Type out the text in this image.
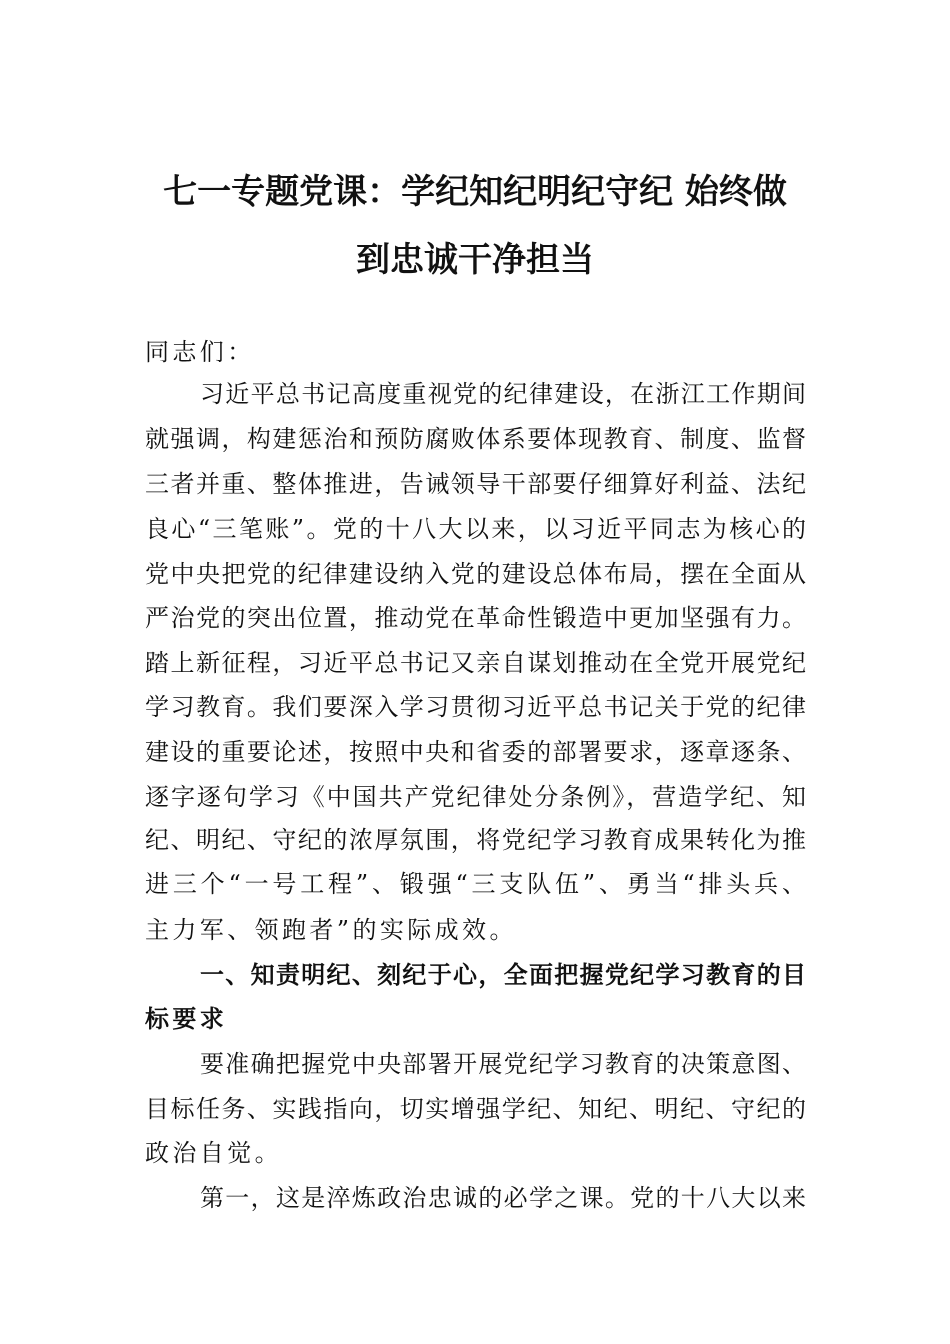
七一专题党课：学纪知纪明纪守纪 始终做
到忠诚干净担当
同志们：
习近平总书记高度重视党的纪律建设，在浙江工作期间
就强调，构建惩治和预防腐败体系要体现教育、制度、监督
三者并重、整体推进，告诫领导干部要仔细算好利益、法纪
良心“三笔账”。党的十八大以来，以习近平同志为核心的
党中央把党的纪律建设纳入党的建设总体布局，摆在全面从
严治党的突出位置，推动党在革命性锻造中更加坚强有力。
踏上新征程，习近平总书记又亲自谋划推动在全党开展党纪
学习教育。我们要深入学习贯彻习近平总书记关于党的纪律
建设的重要论述，按照中央和省委的部署要求，逐章逐条、
逐字逐句学习《中国共产党纪律处分条例》，营造学纪、知
纪、明纪、守纪的浓厚氛围，将党纪学习教育成果转化为推
进三个“一号工程”、锻强“三支队伍”、勇当“排头兵、
主力军、领跑者”的实际成效。
一、知责明纪、刻纪于心，全面把握党纪学习教育的目
标要求
要准确把握党中央部署开展党纪学习教育的决策意图、
目标任务、实践指向，切实增强学纪、知纪、明纪、守纪的
政治自觉。
第一，这是淬炼政治忠诚的必学之课。党的十八大以来
